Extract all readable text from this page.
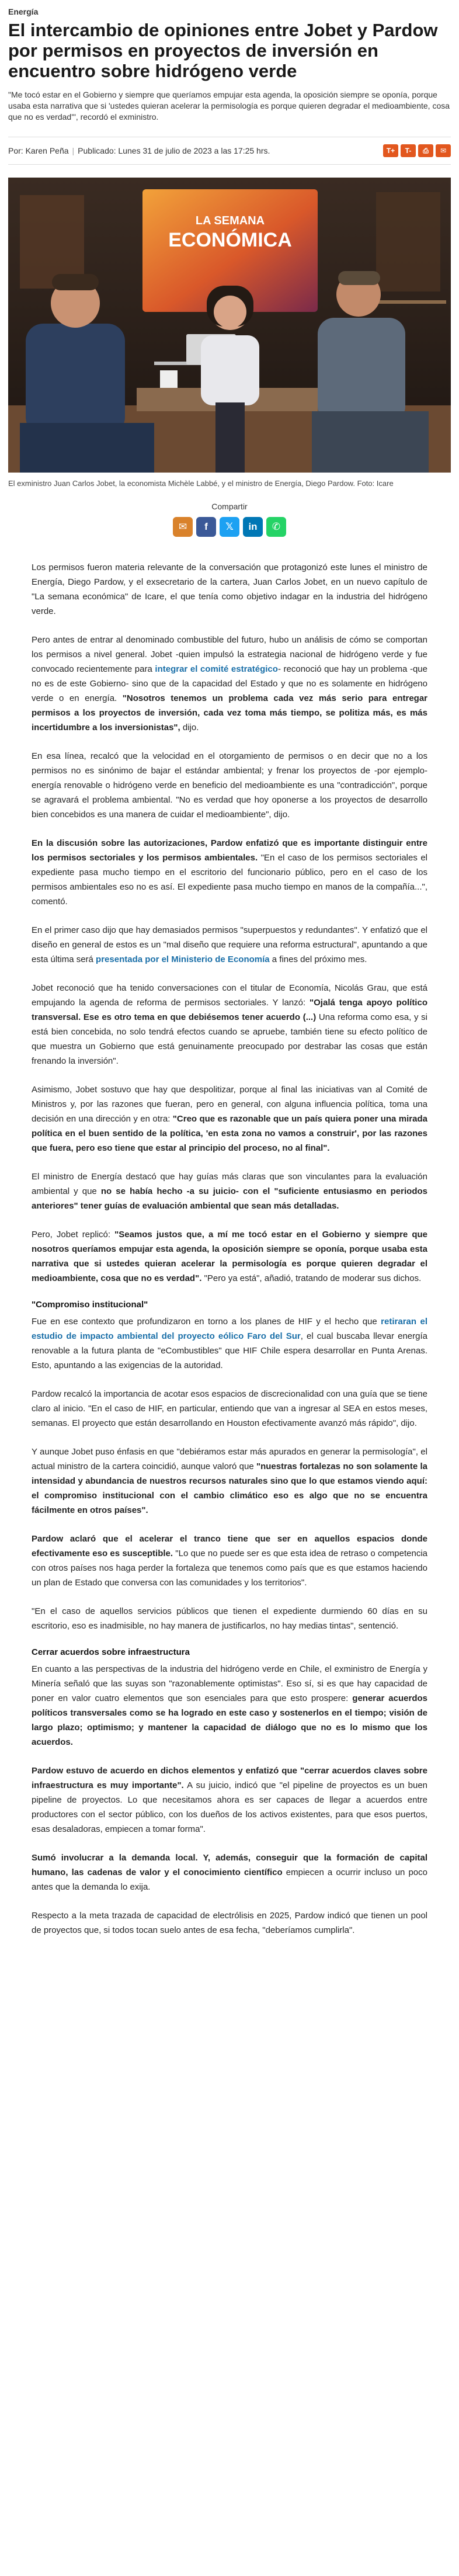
Energía
El intercambio de opiniones entre Jobet y Pardow por permisos en proyectos de inversión en encuentro sobre hidrógeno verde

"Me tocó estar en el Gobierno y siempre que queríamos empujar esta agenda, la oposición siempre se oponía, porque usaba esta narrativa que si 'ustedes quieran acelerar la permisología es porque quieren degradar el medioambiente, cosa que no es verdad'", recordó el exministro.

Por: Karen Peña | Publicado: Lunes 31 de julio de 2023 a las 17:25 hrs.	T+	T-	⎙	✉
LA SEMANA
ECONÓMICA

El exministro Juan Carlos Jobet, la economista Michèle Labbé, y el ministro de Energía, Diego Pardow. Foto: Icare

Compartir
✉	f	𝕏	in	✆

Los permisos fueron materia relevante de la conversación que protagonizó este lunes el ministro de Energía, Diego Pardow, y el exsecretario de la cartera, Juan Carlos Jobet, en un nuevo capítulo de "La semana económica" de Icare, el que tenía como objetivo indagar en la industria del hidrógeno verde.

Pero antes de entrar al denominado combustible del futuro, hubo un análisis de cómo se comportan los permisos a nivel general. Jobet -quien impulsó la estrategia nacional de hidrógeno verde y fue convocado recientemente para integrar el comité estratégico- reconoció que hay un problema -que no es de este Gobierno- sino que de la capacidad del Estado y que no es solamente en hidrógeno verde o en energía. "Nosotros tenemos un problema cada vez más serio para entregar permisos a los proyectos de inversión, cada vez toma más tiempo, se politiza más, es más incertidumbre a los inversionistas", dijo.

En esa línea, recalcó que la velocidad en el otorgamiento de permisos o en decir que no a los permisos no es sinónimo de bajar el estándar ambiental; y frenar los proyectos de -por ejemplo- energía renovable o hidrógeno verde en beneficio del medioambiente es una "contradicción", porque se agravará el problema ambiental. "No es verdad que hoy oponerse a los proyectos de desarrollo bien concebidos es una manera de cuidar el medioambiente", dijo.

En la discusión sobre las autorizaciones, Pardow enfatizó que es importante distinguir entre los permisos sectoriales y los permisos ambientales. "En el caso de los permisos sectoriales el expediente pasa mucho tiempo en el escritorio del funcionario público, pero en el caso de los permisos ambientales eso no es así. El expediente pasa mucho tiempo en manos de la compañía...", comentó.

En el primer caso dijo que hay demasiados permisos "superpuestos y redundantes". Y enfatizó que el diseño en general de estos es un "mal diseño que requiere una reforma estructural", apuntando a que esta última será presentada por el Ministerio de Economía a fines del próximo mes.

Jobet reconoció que ha tenido conversaciones con el titular de Economía, Nicolás Grau, que está empujando la agenda de reforma de permisos sectoriales. Y lanzó: "Ojalá tenga apoyo político transversal. Ese es otro tema en que debiésemos tener acuerdo (...) Una reforma como esa, y si está bien concebida, no solo tendrá efectos cuando se apruebe, también tiene su efecto político de que muestra un Gobierno que está genuinamente preocupado por destrabar las cosas que están frenando la inversión".

Asimismo, Jobet sostuvo que hay que despolitizar, porque al final las iniciativas van al Comité de Ministros y, por las razones que fueran, pero en general, con alguna influencia política, toma una decisión en una dirección y en otra: "Creo que es razonable que un país quiera poner una mirada política en el buen sentido de la política, 'en esta zona no vamos a construir', por las razones que fuera, pero eso tiene que estar al principio del proceso, no al final".

El ministro de Energía destacó que hay guías más claras que son vinculantes para la evaluación ambiental y que no se había hecho -a su juicio- con el "suficiente entusiasmo en periodos anteriores" tener guías de evaluación ambiental que sean más detalladas.

Pero, Jobet replicó: "Seamos justos que, a mí me tocó estar en el Gobierno y siempre que nosotros queríamos empujar esta agenda, la oposición siempre se oponía, porque usaba esta narrativa que si ustedes quieran acelerar la permisología es porque quieren degradar el medioambiente, cosa que no es verdad". "Pero ya está", añadió, tratando de moderar sus dichos.

"Compromiso institucional"

Fue en ese contexto que profundizaron en torno a los planes de HIF y el hecho que retiraran el estudio de impacto ambiental del proyecto eólico Faro del Sur, el cual buscaba llevar energía renovable a la futura planta de "eCombustibles" que HIF Chile espera desarrollar en Punta Arenas. Esto, apuntando a las exigencias de la autoridad.

Pardow recalcó la importancia de acotar esos espacios de discrecionalidad con una guía que se tiene claro al inicio. "En el caso de HIF, en particular, entiendo que van a ingresar al SEA en estos meses, semanas. El proyecto que están desarrollando en Houston efectivamente avanzó más rápido", dijo.

Y aunque Jobet puso énfasis en que "debiéramos estar más apurados en generar la permisología", el actual ministro de la cartera coincidió, aunque valoró que "nuestras fortalezas no son solamente la intensidad y abundancia de nuestros recursos naturales sino que lo que estamos viendo aquí: el compromiso institucional con el cambio climático eso es algo que no se encuentra fácilmente en otros países".

Pardow aclaró que el acelerar el tranco tiene que ser en aquellos espacios donde efectivamente eso es susceptible. "Lo que no puede ser es que esta idea de retraso o competencia con otros países nos haga perder la fortaleza que tenemos como país que es que estamos haciendo un plan de Estado que conversa con las comunidades y los territorios".

"En el caso de aquellos servicios públicos que tienen el expediente durmiendo 60 días en su escritorio, eso es inadmisible, no hay manera de justificarlos, no hay medias tintas", sentenció.

Cerrar acuerdos sobre infraestructura

En cuanto a las perspectivas de la industria del hidrógeno verde en Chile, el exministro de Energía y Minería señaló que las suyas son "razonablemente optimistas". Eso sí, si es que hay capacidad de poner en valor cuatro elementos que son esenciales para que esto prospere: generar acuerdos políticos transversales como se ha logrado en este caso y sostenerlos en el tiempo; visión de largo plazo; optimismo; y mantener la capacidad de diálogo que no es lo mismo que los acuerdos.

Pardow estuvo de acuerdo en dichos elementos y enfatizó que "cerrar acuerdos claves sobre infraestructura es muy importante". A su juicio, indicó que "el pipeline de proyectos es un buen pipeline de proyectos. Lo que necesitamos ahora es ser capaces de llegar a acuerdos entre productores con el sector público, con los dueños de los activos existentes, para que esos puertos, esas desaladoras, empiecen a tomar forma".

Sumó involucrar a la demanda local. Y, además, conseguir que la formación de capital humano, las cadenas de valor y el conocimiento científico empiecen a ocurrir incluso un poco antes que la demanda lo exija.

Respecto a la meta trazada de capacidad de electrólisis en 2025, Pardow indicó que tienen un pool de proyectos que, si todos tocan suelo antes de esa fecha, "deberíamos cumplirla".
